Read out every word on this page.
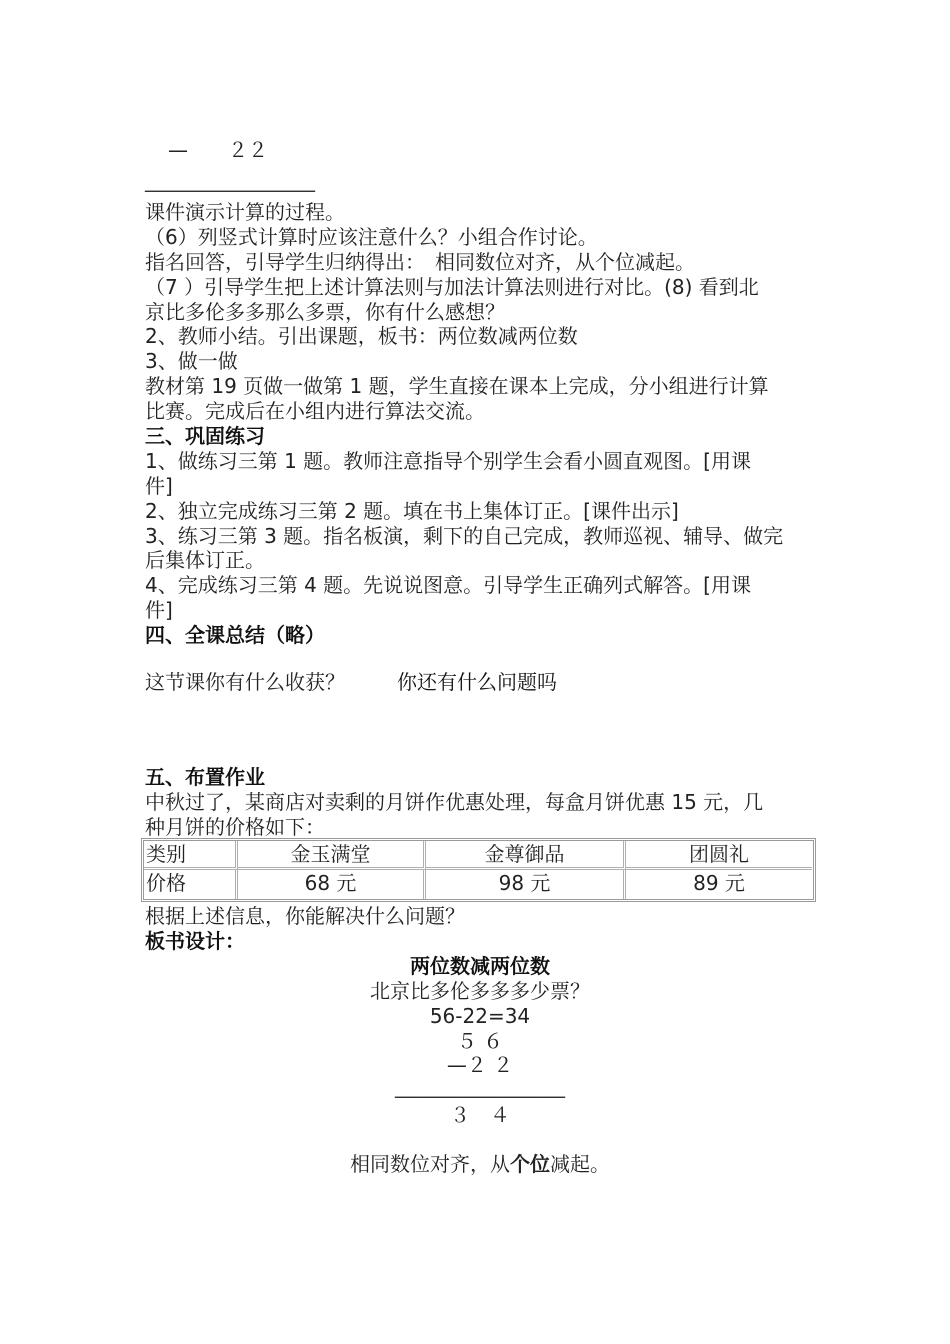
—　　２２
_________________
课件演示计算的过程。
（6）列竖式计算时应该注意什么？小组合作讨论。
指名回答，引导学生归纳得出：　相同数位对齐，从个位减起。
（7 ）引导学生把上述计算法则与加法计算法则进行对比。(8) 看到北
京比多伦多多那么多票，你有什么感想？
2、教师小结。引出课题，板书：两位数减两位数
3、做一做
教材第 19 页做一做第 1 题，学生直接在课本上完成，分小组进行计算
比赛。完成后在小组内进行算法交流。
三、巩固练习
1、做练习三第 1 题。教师注意指导个别学生会看小圆直观图。[用课
件]
2、独立完成练习三第 2 题。填在书上集体订正。[课件出示]
3、练习三第 3 题。指名板演，剩下的自己完成，教师巡视、辅导、做完
后集体订正。
4、完成练习三第 4 题。先说说图意。引导学生正确列式解答。[用课
件]
四、全课总结（略）
这节课你有什么收获？	你还有什么问题吗
五、布置作业
中秋过了，某商店对卖剩的月饼作优惠处理，每盒月饼优惠 15 元，几
种月饼的价格如下：
类别	金玉满堂	金尊御品	团圆礼
价格	68 元	98 元	89 元
根据上述信息，你能解决什么问题？
板书设计：
两位数减两位数
北京比多伦多多多少票？
56-22=34
５ ６
—２ ２
_________________
３　４
相同数位对齐，从个位减起。
